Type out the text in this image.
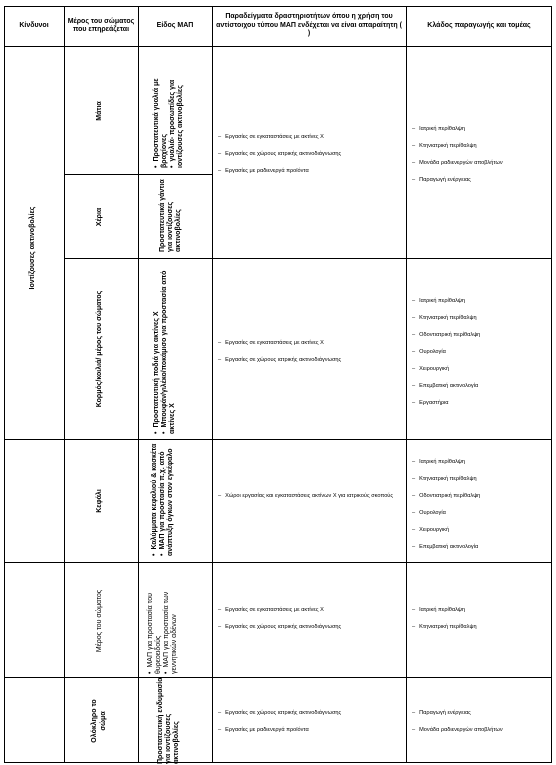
Κίνδυνοι
Μέρος του σώματος που επηρεάζεται
Είδος ΜΑΠ
Παραδείγματα δραστηριοτήτων όπου η χρήση του αντίστοιχου τύπου ΜΑΠ ενδέχεται να είναι απαραίτητη ( )
Κλάδος παραγωγής και τομέας
Ιοντίζουσες ακτινοβολίες
Μάτια
Χέρια
Κορμός/κοιλιά/ μέρος του σώματος
Κεφάλι
Μέρος του σώματος
Ολόκληρο το σώμα
•Προστατευτικά γυαλιά με βραχίονες •γυαλιά- προσωπίδες για ιοντίζουσες ακτινοβολίες
Προστατευτικά γάντια για ιοντίζουσες ακτινοβολίες
•Προστατευτική ποδιά για ακτίνες Χ
•Μπουφάν/γιλέκο/ποκάμισο για προστασία από ακτίνες Χ
•Καλύμματα κεφαλιού & κασκέτα
•ΜΑΠ για προστασία π.χ. από ανάπτυξη όγκων στον εγκέφαλο
•ΜΑΠ για προστασία του θυρεοειδούς •ΜΑΠ για προστασία των γεννητικών αδένων
Προστατευτική ενδυμασία για ιοντίζουσες ακτινοβολίες
– Εργασίες σε εγκαταστάσεις με ακτίνες Χ
– Εργασίες σε χώρους ιατρικής ακτινοδιάγνωσης
– Εργασίες με ραδιενεργά προϊόντα
– Εργασίες σε εγκαταστάσεις με ακτίνες Χ
– Εργασίες σε χώρους ιατρικής ακτινοδιάγνωσης
– Χώροι εργασίας και εγκαταστάσεις ακτίνων Χ για ιατρικούς σκοπούς
– Εργασίες σε εγκαταστάσεις με ακτίνες Χ
– Εργασίες σε χώρους ιατρικής ακτινοδιάγνωσης
– Εργασίες σε χώρους ιατρικής ακτινοδιάγνωσης
– Εργασίες με ραδιενεργά προϊόντα
– Ιατρική περίθαλψη
– Κτηνιατρική περίθαλψη
– Μονάδα ραδιενεργών αποβλήτων
– Παραγωγή ενέργειας
– Ιατρική περίθαλψη
– Κτηνιατρική περίθαλψη
– Οδοντιατρική περίθαλψη
– Ουρολογία
– Χειρουργική
– Επεμβατική ακτινολογία
– Εργαστήρια
– Ιατρική περίθαλψη
– Κτηνιατρική περίθαλψη
– Οδοντιατρική περίθαλψη
– Ουρολογία
– Χειρουργική
– Επεμβατική ακτινολογία
– Ιατρική περίθαλψη
– Κτηνιατρική περίθαλψη
– Παραγωγή ενέργειας
– Μονάδα ραδιενεργών αποβλήτων
